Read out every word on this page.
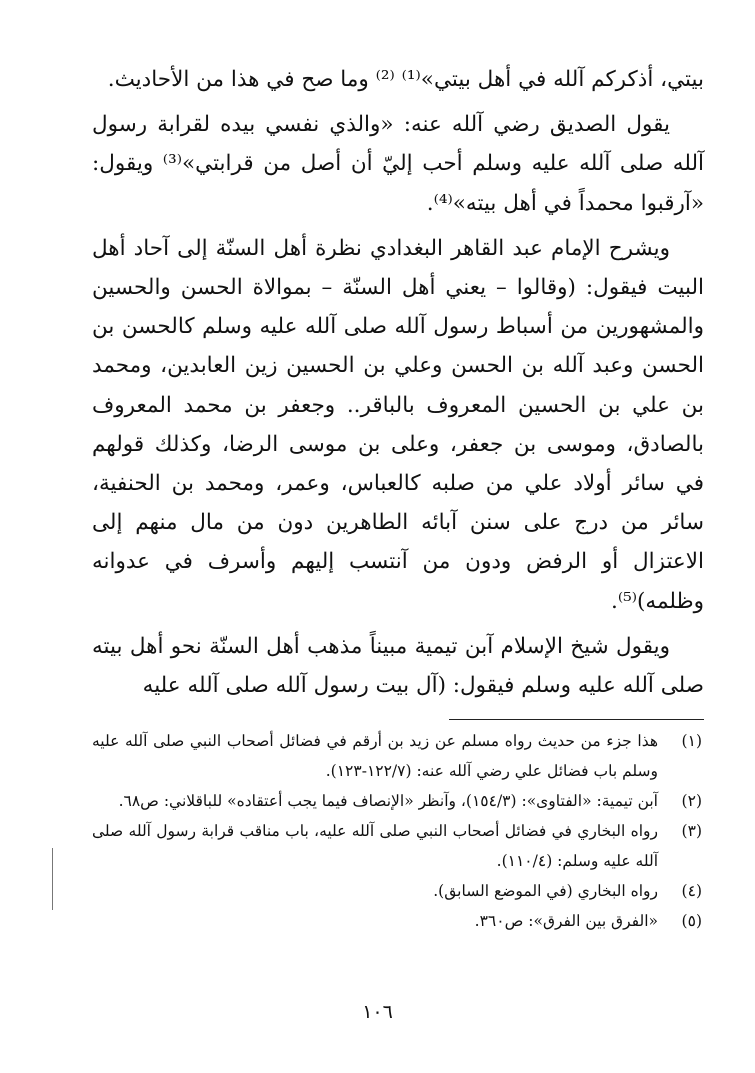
بيتي، أذكركم آلله في أهل بيتي»⁽¹⁾ ⁽²⁾ وما صح في هذا من الأحاديث.

يقول الصديق رضي آلله عنه: «والذي نفسي بيده لقرابة رسول آلله صلى آلله عليه وسلم أحب إليّ أن أصل من قرابتي»⁽³⁾ ويقول: «آرقبوا محمداً في أهل بيته»⁽⁴⁾.

ويشرح الإمام عبد القاهر البغدادي نظرة أهل السنّة إلى آحاد أهل البيت فيقول: (وقالوا – يعني أهل السنّة – بموالاة الحسن والحسين والمشهورين من أسباط رسول آلله صلى آلله عليه وسلم كالحسن بن الحسن وعبد آلله بن الحسن وعلي بن الحسين زين العابدين، ومحمد بن علي بن الحسين المعروف بالباقر.. وجعفر بن محمد المعروف بالصادق، وموسى بن جعفر، وعلى بن موسى الرضا، وكذلك قولهم في سائر أولاد علي من صلبه كالعباس، وعمر، ومحمد بن الحنفية، سائر من درج على سنن آبائه الطاهرين دون من مال منهم إلى الاعتزال أو الرفض ودون من آنتسب إليهم وأسرف في عدوانه وظلمه)⁽⁵⁾.

ويقول شيخ الإسلام آبن تيمية مبيناً مذهب أهل السنّة نحو أهل بيته صلى آلله عليه وسلم فيقول: (آل بيت رسول آلله صلى آلله عليه

(١)
هذا جزء من حديث رواه مسلم عن زيد بن أرقم في فضائل أصحاب النبي صلى آلله عليه وسلم باب فضائل علي رضي آلله عنه: (١٢٢/٧-١٢٣).
(٢)
آبن تيمية: «الفتاوى»: (١٥٤/٣)، وآنظر «الإنصاف فيما يجب أعتقاده» للباقلاني: ص٦٨.
(٣)
رواه البخاري في فضائل أصحاب النبي صلى آلله عليه، باب مناقب قرابة رسول آلله صلى آلله عليه وسلم: (١١٠/٤).
(٤)
رواه البخاري (في الموضع السابق).
(٥)
«الفرق بين الفرق»: ص٣٦٠.
١٠٦
